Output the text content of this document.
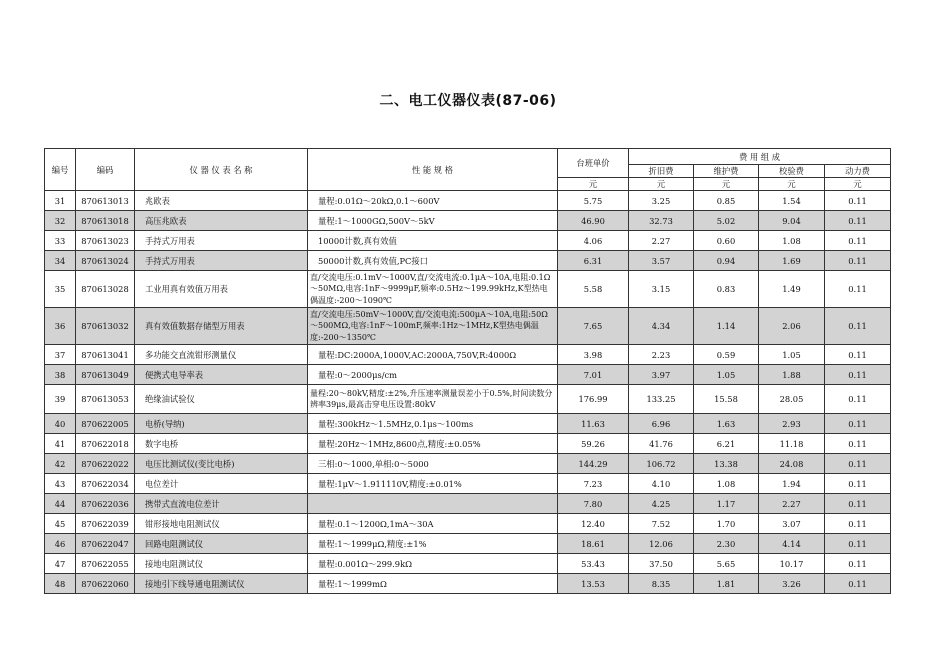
二、电工仪器仪表(87-06)
编号	编码	仪 器 仪 表 名 称	性 能 规 格	台班单价	费 用 组 成			
					折旧费	维护费	校验费	动力费
				元	元	元	元	元
31	870613013	兆欧表	量程:0.01Ω～20kΩ,0.1～600V	5.75	3.25	0.85	1.54	0.11
32	870613018	高压兆欧表	量程:1～1000GΩ,500V～5kV	46.90	32.73	5.02	9.04	0.11
33	870613023	手持式万用表	10000计数,真有效值	4.06	2.27	0.60	1.08	0.11
34	870613024	手持式万用表	50000计数,真有效值,PC接口	6.31	3.57	0.94	1.69	0.11
35	870613028	工业用真有效值万用表	直/交流电压:0.1mV～1000V,直/交流电流:0.1μA～10A,电阻:0.1Ω～50MΩ,电容:1nF～9999μF,频率:0.5Hz～199.99kHz,K型热电偶温度:-200～1090℃	5.58	3.15	0.83	1.49	0.11
36	870613032	真有效值数据存储型万用表	直/交流电压:50mV～1000V,直/交流电流:500μA～10A,电阻:50Ω～500MΩ,电容:1nF～100mF,频率:1Hz～1MHz,K型热电偶温度:-200～1350℃	7.65	4.34	1.14	2.06	0.11
37	870613041	多功能交直流钳形测量仪	量程:DC:2000A,1000V,AC:2000A,750V,R:4000Ω	3.98	2.23	0.59	1.05	0.11
38	870613049	便携式电导率表	量程:0～2000μs/cm	7.01	3.97	1.05	1.88	0.11
39	870613053	绝缘油试验仪	量程:20～80kV,精度:±2%,升压速率测量误差小于0.5%,时间读数分辨率39μs,最高击穿电压设置:80kV	176.99	133.25	15.58	28.05	0.11
40	870622005	电桥(导纳)	量程:300kHz～1.5MHz,0.1μs～100ms	11.63	6.96	1.63	2.93	0.11
41	870622018	数字电桥	量程:20Hz～1MHz,8600点,精度:±0.05%	59.26	41.76	6.21	11.18	0.11
42	870622022	电压比测试仪(变比电桥)	三相:0～1000,单相:0～5000	144.29	106.72	13.38	24.08	0.11
43	870622034	电位差计	量程:1μV～1.911110V,精度:±0.01%	7.23	4.10	1.08	1.94	0.11
44	870622036	携带式直流电位差计		7.80	4.25	1.17	2.27	0.11
45	870622039	钳形接地电阻测试仪	量程:0.1～1200Ω,1mA～30A	12.40	7.52	1.70	3.07	0.11
46	870622047	回路电阻测试仪	量程:1～1999μΩ,精度:±1%	18.61	12.06	2.30	4.14	0.11
47	870622055	接地电阻测试仪	量程:0.001Ω～299.9kΩ	53.43	37.50	5.65	10.17	0.11
48	870622060	接地引下线导通电阻测试仪	量程:1～1999mΩ	13.53	8.35	1.81	3.26	0.11
